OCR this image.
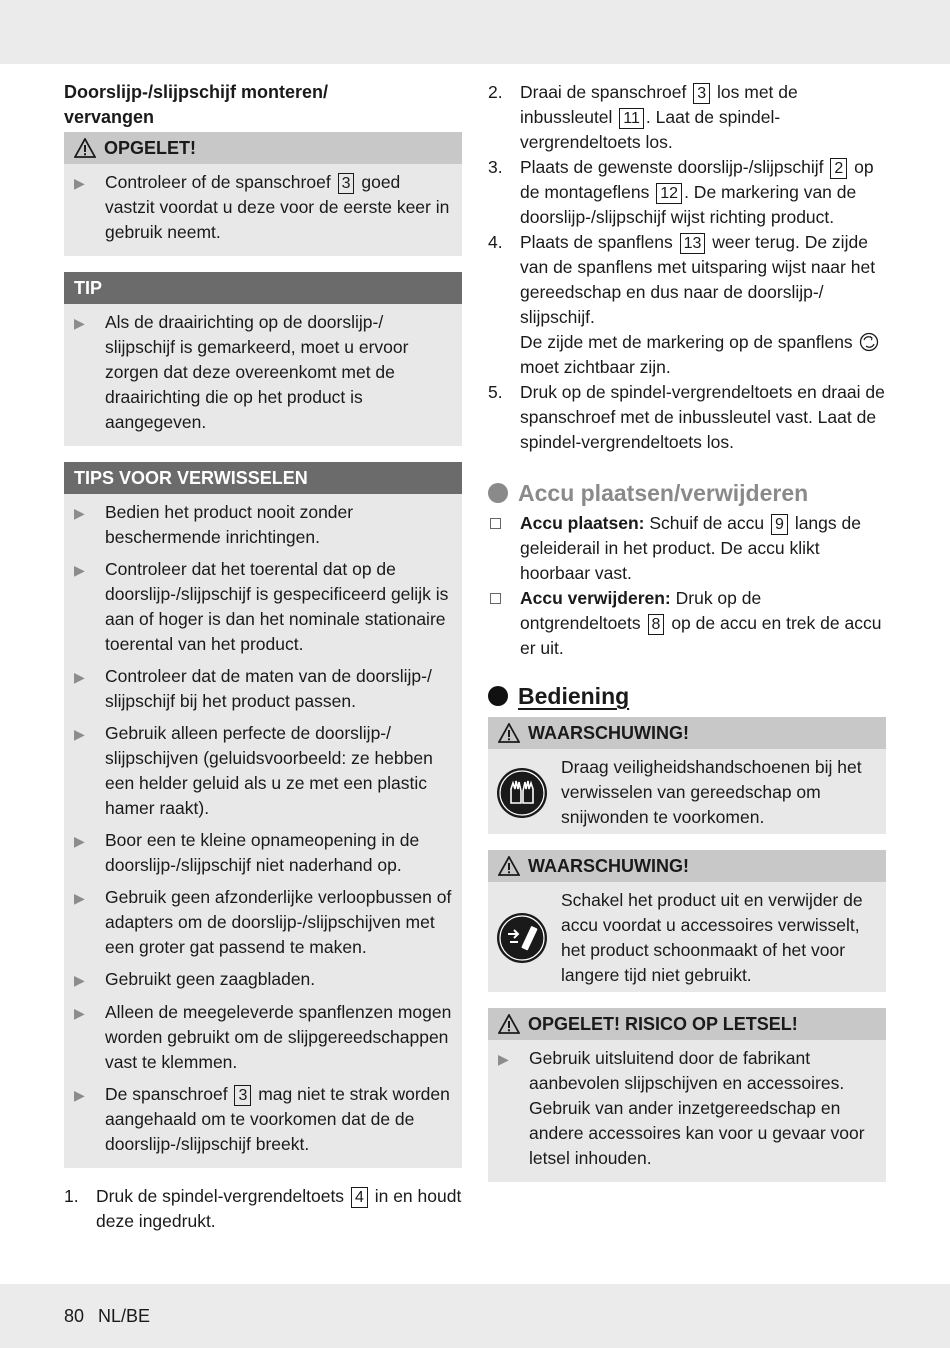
Doorslijp-/slijpschijf monteren/
vervangen
OPGELET!
▶	Controleer of de spanschroef 3 goed vastzit voordat u deze voor de eerste keer in gebruik neemt.
TIP
▶	Als de draairichting op de doorslijp-/ slijpschijf is gemarkeerd, moet u ervoor zorgen dat deze overeenkomt met de draairichting die op het product is aangegeven.
TIPS VOOR VERWISSELEN
▶	Bedien het product nooit zonder beschermende inrichtingen.
▶	Controleer dat het toerental dat op de doorslijp-/slijpschijf is gespecificeerd gelijk is aan of hoger is dan het nominale stationaire toerental van het product.
▶	Controleer dat de maten van de doorslijp-/ slijpschijf bij het product passen.
▶	Gebruik alleen perfecte de doorslijp-/ slijpschijven (geluidsvoorbeeld: ze hebben een helder geluid als u ze met een plastic hamer raakt).
▶	Boor een te kleine opnameopening in de doorslijp-/slijpschijf niet naderhand op.
▶	Gebruik geen afzonderlijke verloopbussen of adapters om de doorslijp-/slijpschijven met een groter gat passend te maken.
▶	Gebruikt geen zaagbladen.
▶	Alleen de meegeleverde spanflenzen mogen worden gebruikt om de slijpgereedschappen vast te klemmen.
▶	De spanschroef 3 mag niet te strak worden aangehaald om te voorkomen dat de de doorslijp-/slijpschijf breekt.
1. Druk de spindel-vergrendeltoets 4 in en houdt deze ingedrukt.
2. Draai de spanschroef 3 los met de inbussleutel 11 . Laat de spindel-vergrendeltoets los.
3. Plaats de gewenste doorslijp-/slijpschijf 2 op de montageflens 12 . De markering van de doorslijp-/slijpschijf wijst richting product.
4. Plaats de spanflens 13 weer terug. De zijde van de spanflens met uitsparing wijst naar het gereedschap en dus naar de doorslijp-/ slijpschijf.
De zijde met de markering op de spanflens  moet zichtbaar zijn.
5. Druk op de spindel-vergrendeltoets en draai de spanschroef met de inbussleutel vast. Laat de spindel-vergrendeltoets los.
Accu plaatsen/verwijderen
Accu plaatsen: Schuif de accu 9 langs de geleiderail in het product. De accu klikt hoorbaar vast.
Accu verwijderen: Druk op de ontgrendeltoets 8 op de accu en trek de accu er uit.
Bediening
WAARSCHUWING!
Draag veiligheidshandschoenen bij het verwisselen van gereedschap om snijwonden te voorkomen.
WAARSCHUWING!
Schakel het product uit en verwijder de accu voordat u accessoires verwisselt, het product schoonmaakt of het voor langere tijd niet gebruikt.
OPGELET! RISICO OP LETSEL!
▶	Gebruik uitsluitend door de fabrikant aanbevolen slijpschijven en accessoires. Gebruik van ander inzetgereedschap en andere accessoires kan voor u gevaar voor letsel inhouden.
80 NL/BE
